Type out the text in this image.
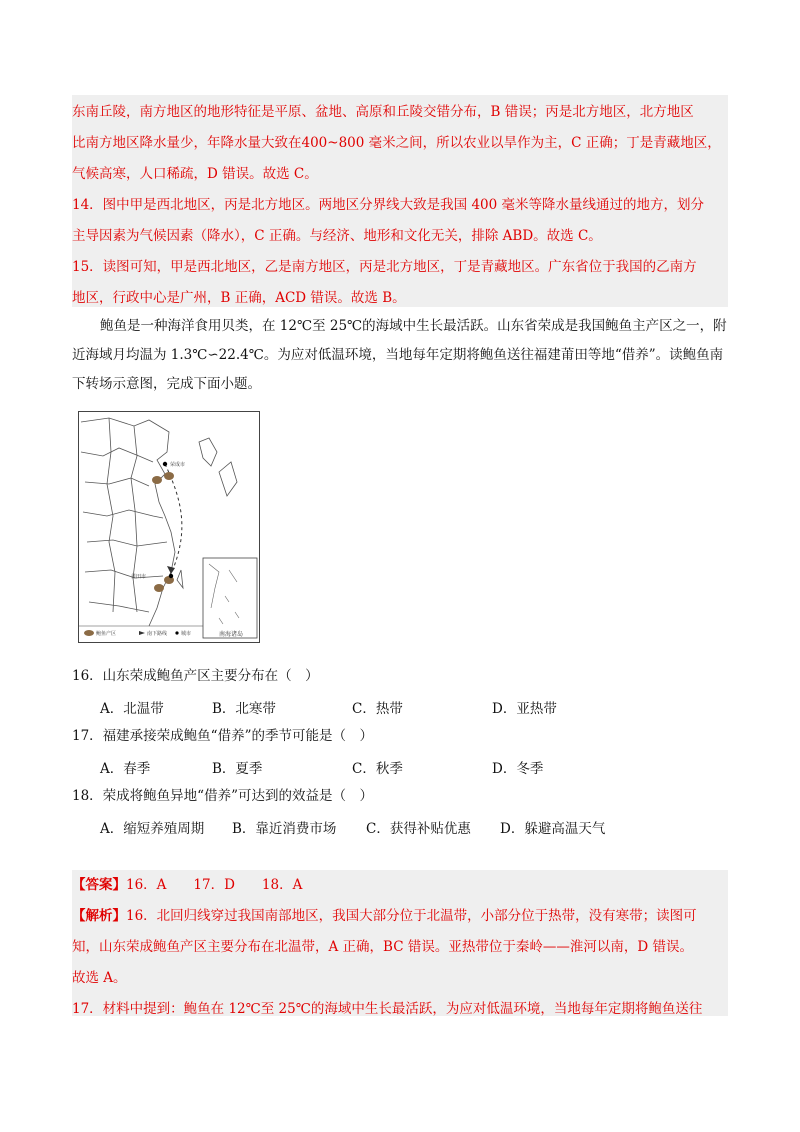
东南丘陵，南方地区的地形特征是平原、盆地、高原和丘陵交错分布，B 错误；丙是北方地区，北方地区

比南方地区降水量少，年降水量大致在400~800 毫米之间，所以农业以旱作为主，C 正确；丁是青藏地区，

气候高寒，人口稀疏，D 错误。故选 C。

14．图中甲是西北地区，丙是北方地区。两地区分界线大致是我国 400 毫米等降水量线通过的地方，划分

主导因素为气候因素（降水），C 正确。与经济、地形和文化无关，排除 ABD。故选 C。

15．读图可知，甲是西北地区，乙是南方地区，丙是北方地区，丁是青藏地区。广东省位于我国的乙南方

地区，行政中心是广州，B 正确，ACD 错误。故选 B。

鲍鱼是一种海洋食用贝类，在 12℃至 25℃的海域中生长最活跃。山东省荣成是我国鲍鱼主产区之一，附近海域月均温为 1.3℃∽22.4℃。为应对低温环境，当地每年定期将鲍鱼送往福建莆田等地“借养”。读鲍鱼南下转场示意图，完成下面小题。
荣成市
莆田市
南海诸岛
鲍鱼产区	南下路线	城市
16．山东荣成鲍鱼产区主要分布在（　）
A．北温带	B．北寒带	C．热带	D．亚热带
17．福建承接荣成鲍鱼“借养”的季节可能是（　）
A．春季	B．夏季	C．秋季	D．冬季
18．荣成将鲍鱼异地“借养”可达到的效益是（　）
A．缩短养殖周期	B．靠近消费市场	C．获得补贴优惠	D．躲避高温天气

【答案】16．A　　17．D　　18．A

【解析】16．北回归线穿过我国南部地区，我国大部分位于北温带，小部分位于热带，没有寒带；读图可

知，山东荣成鲍鱼产区主要分布在北温带，A 正确，BC 错误。亚热带位于秦岭——淮河以南，D 错误。

故选 A。

17．材料中提到：鲍鱼在 12℃至 25℃的海域中生长最活跃，为应对低温环境，当地每年定期将鲍鱼送往
